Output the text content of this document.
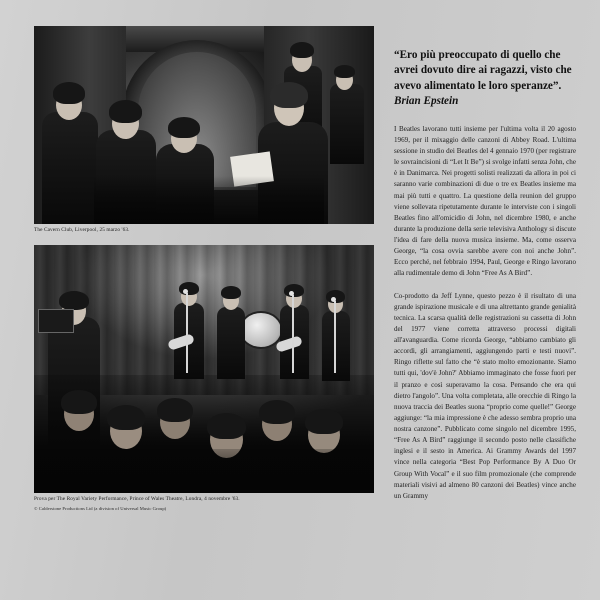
The Cavern Club, Liverpool, 25 marzo '63.
Prova per The Royal Variety Performance, Prince of Wales Theatre, Londra, 4 novembre '63.
© Calderstone Productions Ltd (a division of Universal Music Group)

“Ero più preoccupato di quello che avrei dovuto dire ai ragazzi, visto che avevo alimentato le loro speranze”. Brian Epstein

I Beatles lavorano tutti insieme per l'ultima volta il 20 agosto 1969, per il mixaggio delle canzoni di Abbey Road. L'ultima sessione in studio dei Beatles del 4 gennaio 1970 (per registrare le sovraincisioni di “Let It Be”) si svolge infatti senza John, che è in Danimarca. Nei progetti solisti realizzati da allora in poi ci saranno varie combinazioni di due o tre ex Beatles insieme ma mai più tutti e quattro. La questione della reunion del gruppo viene sollevata ripetutamente durante le interviste con i singoli Beatles fino all'omicidio di John, nel dicembre 1980, e anche durante la produzione della serie televisiva Anthology si discute l'idea di fare della nuova musica insieme. Ma, come osserva George, “la cosa ovvia sarebbe avere con noi anche John”. Ecco perché, nel febbraio 1994, Paul, George e Ringo lavorano alla rudimentale demo di John “Free As A Bird”.

Co-prodotto da Jeff Lynne, questo pezzo è il risultato di una grande ispirazione musicale e di una altrettanto grande genialità tecnica. La scarsa qualità delle registrazioni su cassetta di John del 1977 viene corretta attraverso processi digitali all'avanguardia. Come ricorda George, “abbiamo cambiato gli accordi, gli arrangiamenti, aggiungendo parti e testi nuovi”. Ringo riflette sul fatto che “è stato molto emozionante. Siamo tutti qui, 'dov'è John?' Abbiamo immaginato che fosse fuori per il pranzo e così superavamo la cosa. Pensando che era qui dietro l'angolo”. Una volta completata, alle orecchie di Ringo la nuova traccia dei Beatles suona “proprio come quelle!” George aggiunge: “la mia impressione è che adesso sembra proprio una nostra canzone”. Pubblicato come singolo nel dicembre 1995, “Free As A Bird” raggiunge il secondo posto nelle classifiche inglesi e il sesto in America. Ai Grammy Awards del 1997 vince nella categoria “Best Pop Performance By A Duo Or Group With Vocal” e il suo film promozionale (che comprende materiali visivi ad almeno 80 canzoni dei Beatles) vince anche un Grammy
